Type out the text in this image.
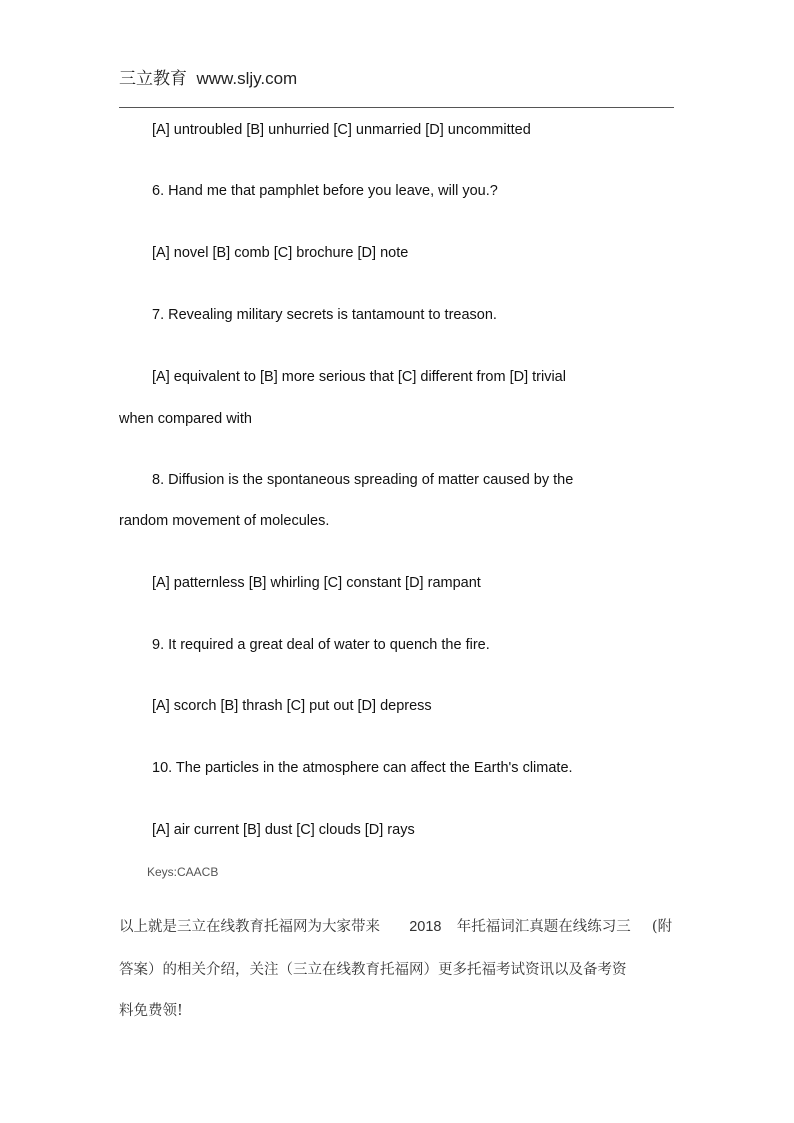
三立教育 www.sljy.com
[A] untroubled [B] unhurried [C] unmarried [D] uncommitted
6. Hand me that pamphlet before you leave, will you.?
[A] novel [B] comb [C] brochure [D] note
7. Revealing military secrets is tantamount to treason.
[A] equivalent to [B] more serious that [C] different from [D] trivial
when compared with
8. Diffusion is the spontaneous spreading of matter caused by the
random movement of molecules.
[A] patternless [B] whirling [C] constant [D] rampant
9. It required a great deal of water to quench the fire.
[A] scorch [B] thrash [C] put out [D] depress
10. The particles in the atmosphere can affect the Earth's climate.
[A] air current [B] dust [C] clouds [D] rays
Keys:CAACB
以上就是三立在线教育托福网为大家带来 2018 年托福词汇真题在线练习三 (附
答案）的相关介绍，关注（三立在线教育托福网）更多托福考试资讯以及备考资
料免费领!
